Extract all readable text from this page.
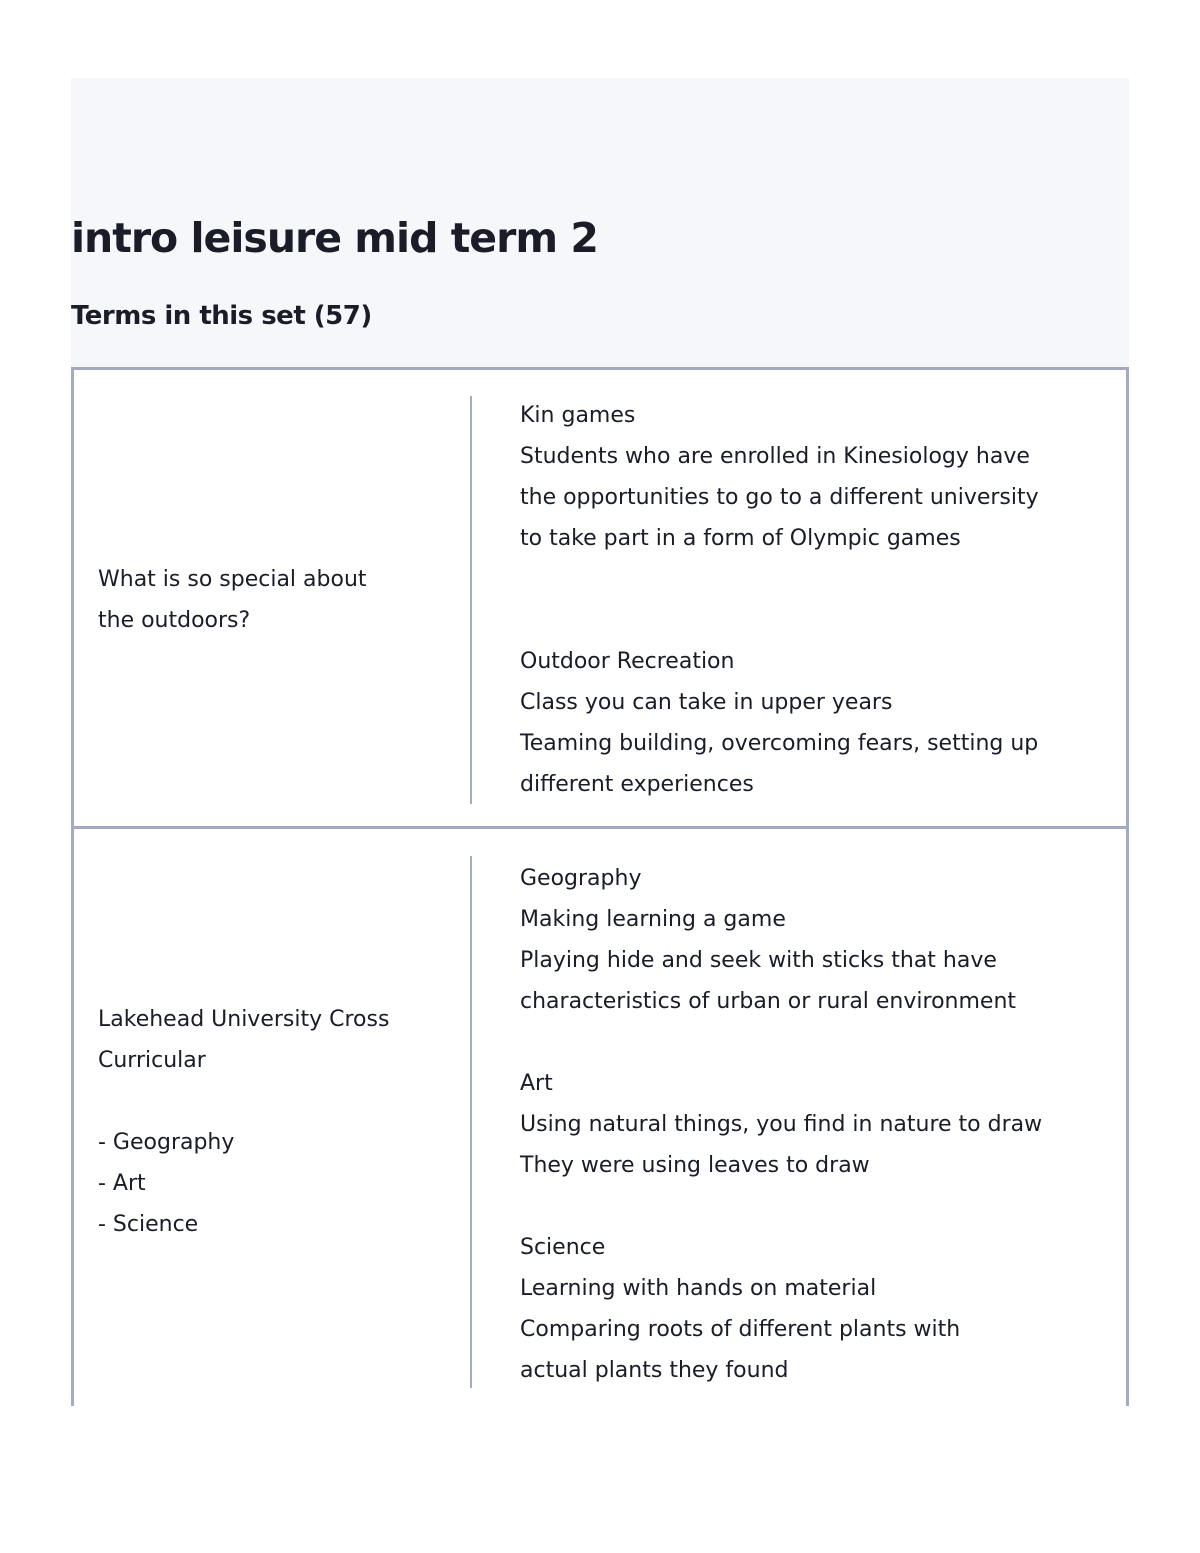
intro leisure mid term 2
Terms in this set (57)
What is so special about
the outdoors?
Kin games
Students who are enrolled in Kinesiology have
the opportunities to go to a different university
to take part in a form of Olympic games

Outdoor Recreation
Class you can take in upper years
Teaming building, overcoming fears, setting up
different experiences
Lakehead University Cross
Curricular

- Geography
- Art
- Science
Geography
Making learning a game
Playing hide and seek with sticks that have
characteristics of urban or rural environment

Art
Using natural things, you find in nature to draw
They were using leaves to draw

Science
Learning with hands on material
Comparing roots of different plants with
actual plants they found
